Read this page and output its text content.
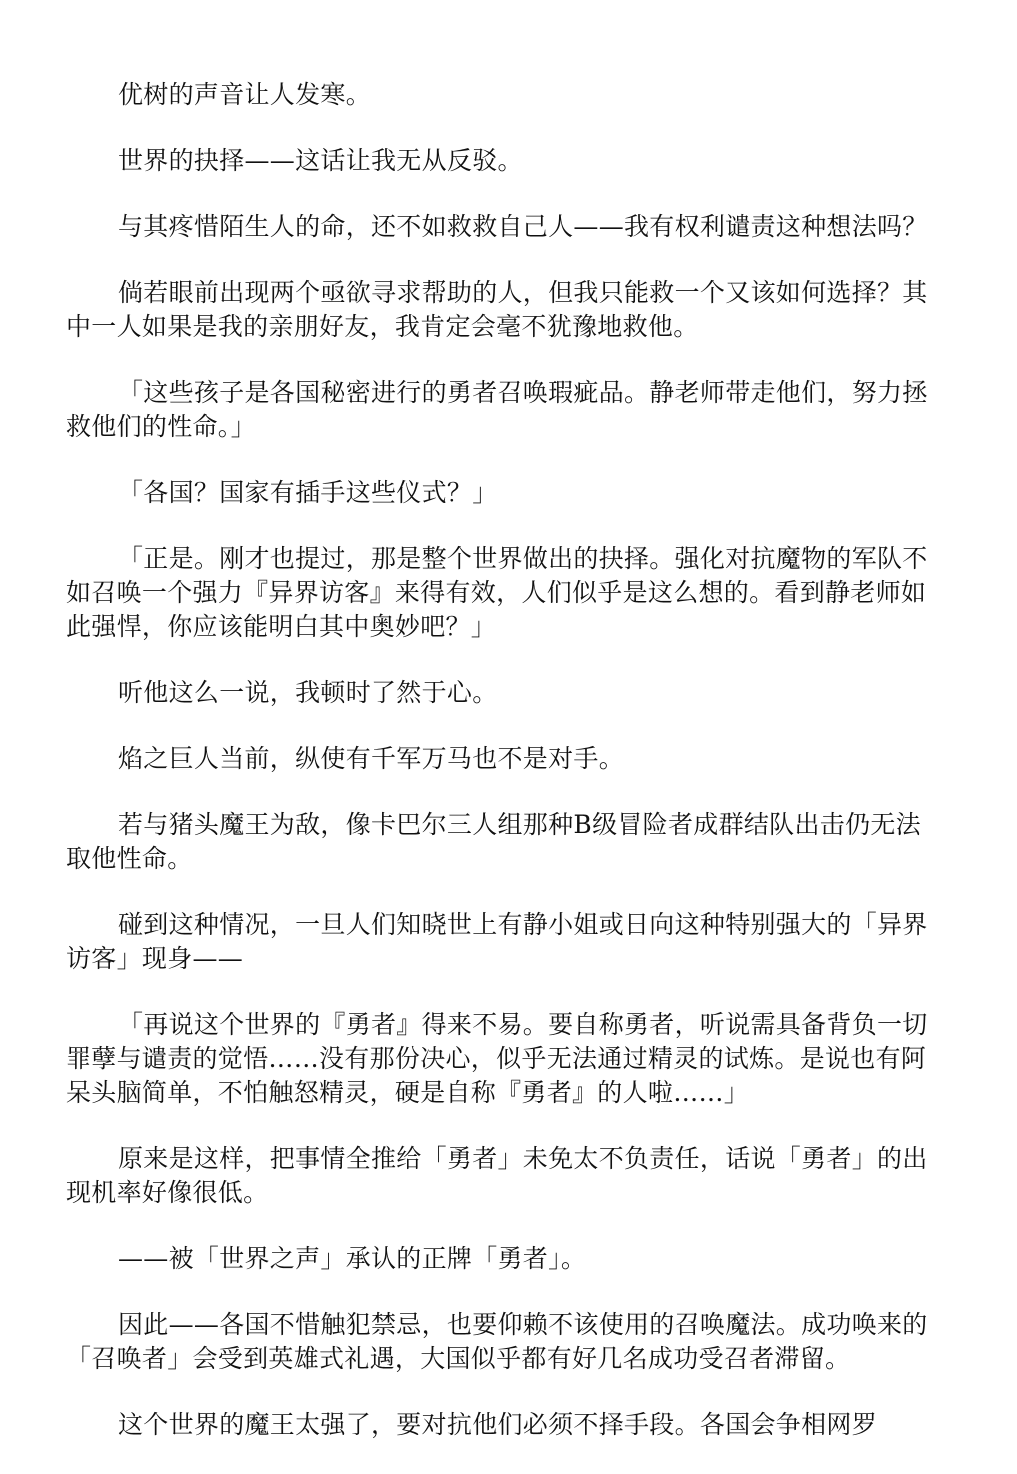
优树的声音让人发寒。

世界的抉择——这话让我无从反驳。

与其疼惜陌生人的命，还不如救救自己人——我有权利谴责这种想法吗？

倘若眼前出现两个亟欲寻求帮助的人，但我只能救一个又该如何选择？其中一人如果是我的亲朋好友，我肯定会毫不犹豫地救他。

「这些孩子是各国秘密进行的勇者召唤瑕疵品。静老师带走他们，努力拯救他们的性命。」

「各国？国家有插手这些仪式？」

「正是。刚才也提过，那是整个世界做出的抉择。强化对抗魔物的军队不如召唤一个强力『异界访客』来得有效，人们似乎是这么想的。看到静老师如此强悍，你应该能明白其中奥妙吧？」

听他这么一说，我顿时了然于心。

焰之巨人当前，纵使有千军万马也不是对手。

若与猪头魔王为敌，像卡巴尔三人组那种B级冒险者成群结队出击仍无法取他性命。

碰到这种情况，一旦人们知晓世上有静小姐或日向这种特别强大的「异界访客」现身——

「再说这个世界的『勇者』得来不易。要自称勇者，听说需具备背负一切罪孽与谴责的觉悟……没有那份决心，似乎无法通过精灵的试炼。是说也有阿呆头脑简单，不怕触怒精灵，硬是自称『勇者』的人啦……」

原来是这样，把事情全推给「勇者」未免太不负责任，话说「勇者」的出现机率好像很低。

——被「世界之声」承认的正牌「勇者」。

因此——各国不惜触犯禁忌，也要仰赖不该使用的召唤魔法。成功唤来的「召唤者」会受到英雄式礼遇，大国似乎都有好几名成功受召者滞留。

这个世界的魔王太强了，要对抗他们必须不择手段。各国会争相网罗
